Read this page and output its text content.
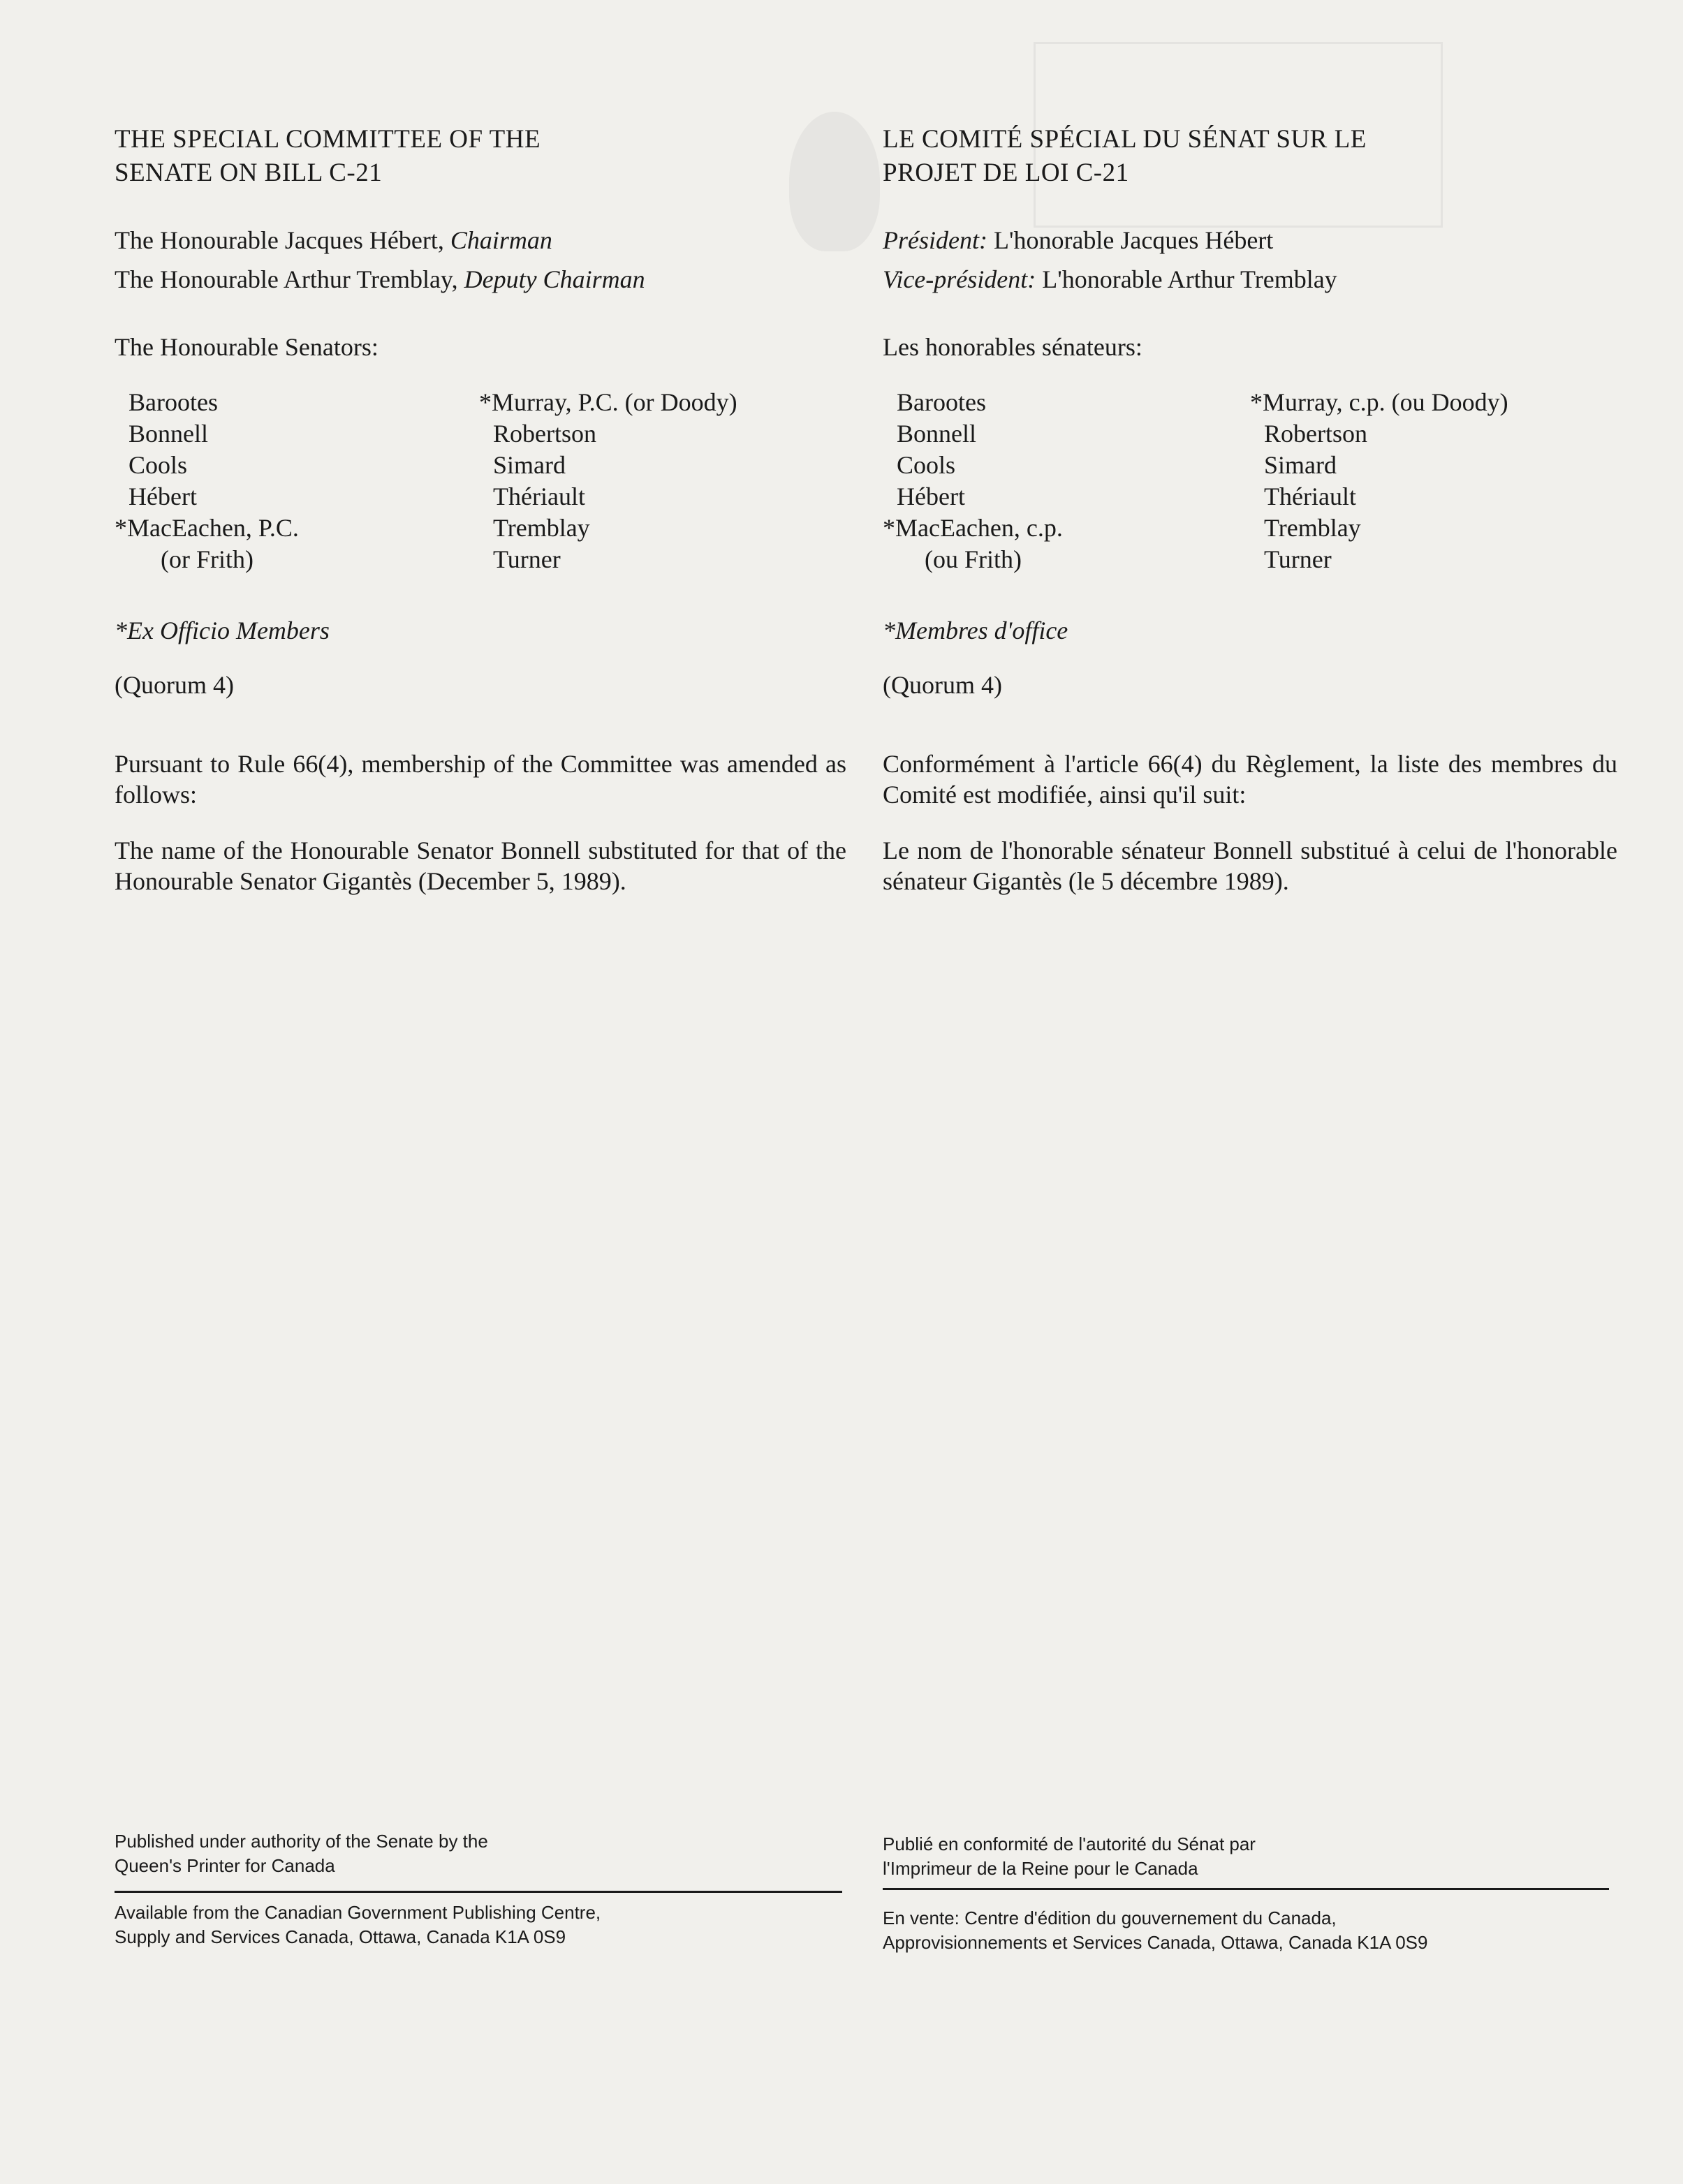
THE SPECIAL COMMITTEE OF THE
SENATE ON BILL C-21
The Honourable Jacques Hébert, Chairman
The Honourable Arthur Tremblay, Deputy Chairman
The Honourable Senators:
Barootes
Bonnell
Cools
Hébert
*MacEachen, P.C.
(or Frith)
*Murray, P.C. (or Doody)
Robertson
Simard
Thériault
Tremblay
Turner
*Ex Officio Members
(Quorum 4)
Pursuant to Rule 66(4), membership of the Committee was amended as follows:
The name of the Honourable Senator Bonnell substituted for that of the Honourable Senator Gigantès (December 5, 1989).
Published under authority of the Senate by the
Queen's Printer for Canada
Available from the Canadian Government Publishing Centre,
Supply and Services Canada, Ottawa, Canada K1A 0S9
LE COMITÉ SPÉCIAL DU SÉNAT SUR LE
PROJET DE LOI C-21
Président: L'honorable Jacques Hébert
Vice-président: L'honorable Arthur Tremblay
Les honorables sénateurs:
Barootes
Bonnell
Cools
Hébert
*MacEachen, c.p.
(ou Frith)
*Murray, c.p. (ou Doody)
Robertson
Simard
Thériault
Tremblay
Turner
*Membres d'office
(Quorum 4)
Conformément à l'article 66(4) du Règlement, la liste des membres du Comité est modifiée, ainsi qu'il suit:
Le nom de l'honorable sénateur Bonnell substitué à celui de l'honorable sénateur Gigantès (le 5 décembre 1989).
Publié en conformité de l'autorité du Sénat par
l'Imprimeur de la Reine pour le Canada
En vente: Centre d'édition du gouvernement du Canada,
Approvisionnements et Services Canada, Ottawa, Canada K1A 0S9
